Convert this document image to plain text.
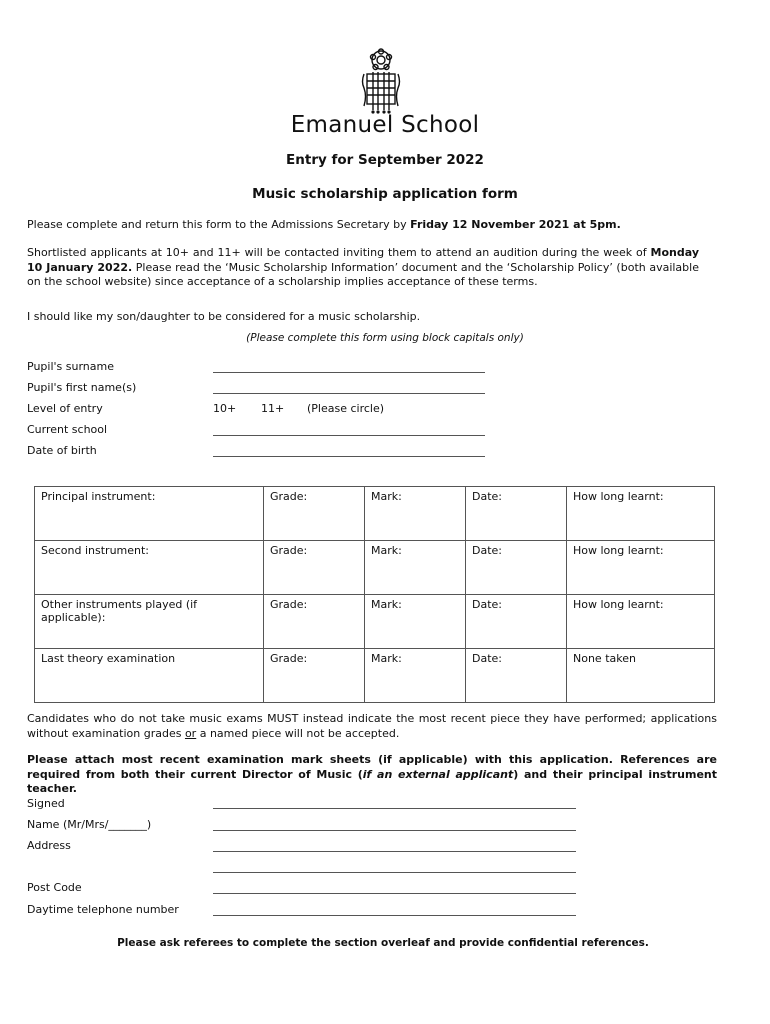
Emanuel School
Entry for September 2022
Music scholarship application form
Please complete and return this form to the Admissions Secretary by Friday 12 November 2021 at 5pm.
Shortlisted applicants at 10+ and 11+ will be contacted inviting them to attend an audition during the week of Monday 10 January 2022. Please read the ‘Music Scholarship Information’ document and the ‘Scholarship Policy’ (both available on the school website) since acceptance of a scholarship implies acceptance of these terms.
I should like my son/daughter to be considered for a music scholarship.
(Please complete this form using block capitals only)
Pupil's surname
Pupil's first name(s)
Level of entry	10+ 11+ (Please circle)
Current school
Date of birth
Principal instrument:	Grade:	Mark:	Date:	How long learnt:
Second instrument:	Grade:	Mark:	Date:	How long learnt:
Other instruments played (if applicable):	Grade:	Mark:	Date:	How long learnt:
Last theory examination	Grade:	Mark:	Date:	None taken
Candidates who do not take music exams MUST instead indicate the most recent piece they have performed; applications without examination grades or a named piece will not be accepted.
Please attach most recent examination mark sheets (if applicable) with this application. References are required from both their current Director of Music (if an external applicant) and their principal instrument teacher.
Signed
Name (Mr/Mrs/_______)
Address
Post Code
Daytime telephone number
Please ask referees to complete the section overleaf and provide confidential references.
